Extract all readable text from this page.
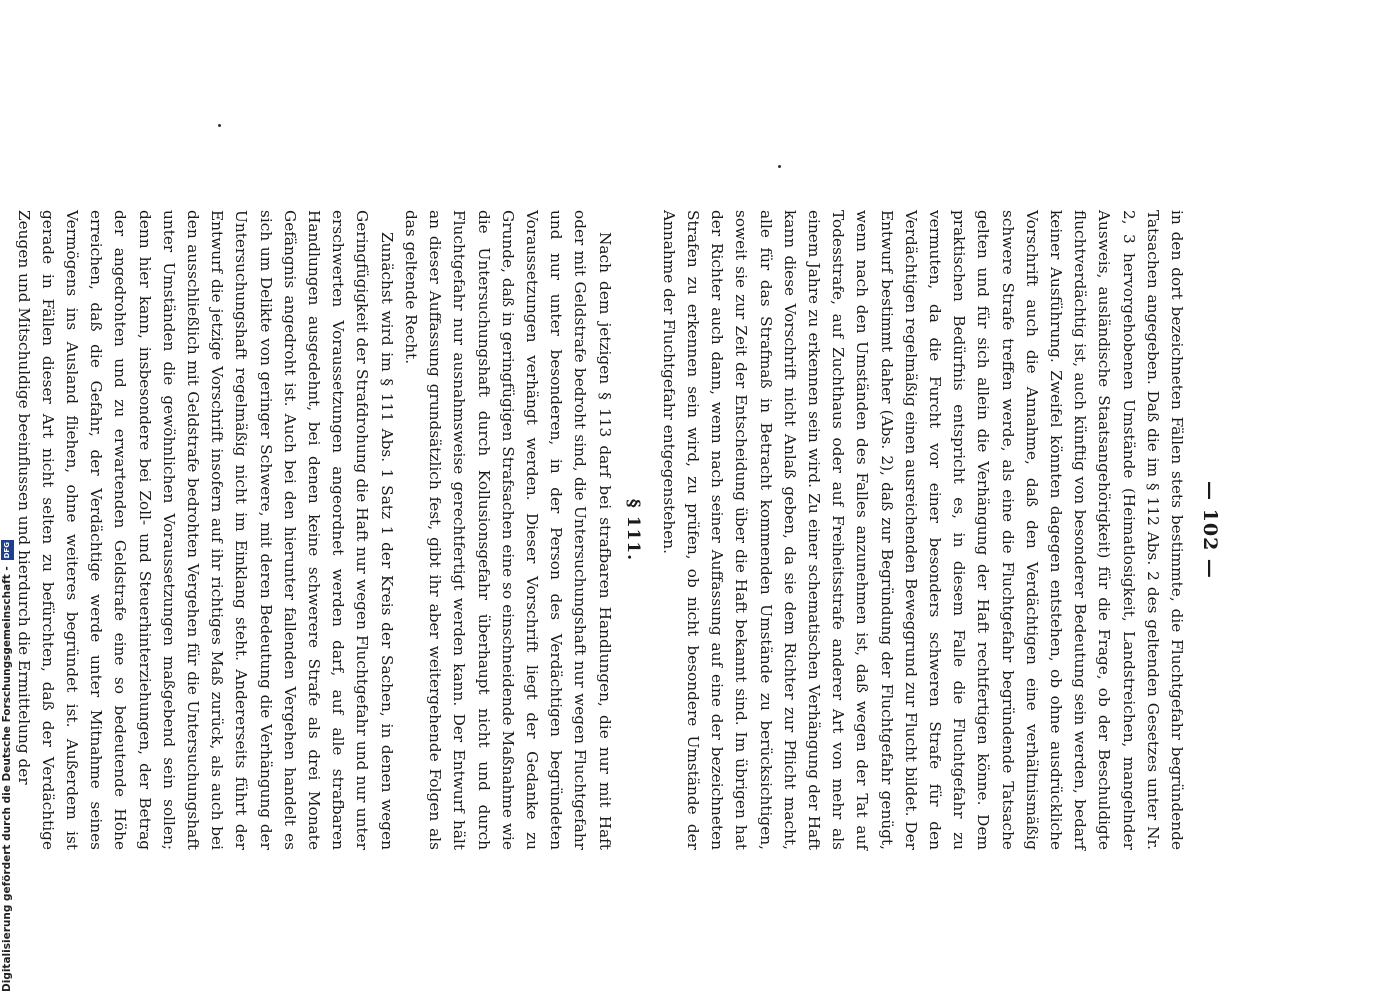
— 102 —

in den dort bezeichneten Fällen stets bestimmte, die Fluchtgefahr begründende Tatsachen angegeben. Daß die im § 112 Abs. 2 des geltenden Gesetzes unter Nr. 2, 3 hervorgehobenen Umstände (Heimatlosigkeit, Landstreichen, mangelnder Ausweis, ausländische Staatsangehörigkeit) für die Frage, ob der Beschuldigte fluchtverdächtig ist, auch künftig von besonderer Bedeutung sein werden, bedarf keiner Ausführung. Zweifel könnten dagegen entstehen, ob ohne ausdrückliche Vorschrift auch die Annahme, daß den Verdächtigen eine verhältnismäßig schwere Strafe treffen werde, als eine die Fluchtgefahr begründende Tatsache gelten und für sich allein die Verhängung der Haft rechtfertigen könne. Dem praktischen Bedürfnis entspricht es, in diesem Falle die Fluchtgefahr zu vermuten, da die Furcht vor einer besonders schweren Strafe für den Verdächtigen regelmäßig einen ausreichenden Beweggrund zur Flucht bildet. Der Entwurf bestimmt daher (Abs. 2), daß zur Begründung der Fluchtgefahr genügt, wenn nach den Umständen des Falles anzunehmen ist, daß wegen der Tat auf Todesstrafe, auf Zuchthaus oder auf Freiheitsstrafe anderer Art von mehr als einem Jahre zu erkennen sein wird. Zu einer schematischen Verhängung der Haft kann diese Vorschrift nicht Anlaß geben, da sie dem Richter zur Pflicht macht, alle für das Strafmaß in Betracht kommenden Umstände zu berücksichtigen, soweit sie zur Zeit der Entscheidung über die Haft bekannt sind. Im übrigen hat der Richter auch dann, wenn nach seiner Auffassung auf eine der bezeichneten Strafen zu erkennen sein wird, zu prüfen, ob nicht besondere Umstände der Annahme der Fluchtgefahr entgegenstehen.

§ 111.

Nach dem jetzigen § 113 darf bei strafbaren Handlungen, die nur mit Haft oder mit Geldstrafe bedroht sind, die Untersuchungshaft nur wegen Fluchtgefahr und nur unter besonderen, in der Person des Verdächtigen begründeten Voraussetzungen verhängt werden. Dieser Vorschrift liegt der Gedanke zu Grunde, daß in geringfügigen Strafsachen eine so einschneidende Maßnahme wie die Untersuchungshaft durch Kollusionsgefahr überhaupt nicht und durch Fluchtgefahr nur ausnahmsweise gerechtfertigt werden kann. Der Entwurf hält an dieser Auffassung grundsätzlich fest, gibt ihr aber weitergehende Folgen als das geltende Recht.

Zunächst wird im § 111 Abs. 1 Satz 1 der Kreis der Sachen, in denen wegen Geringfügigkeit der Strafdrohung die Haft nur wegen Fluchtgefahr und nur unter erschwerten Voraussetzungen angeordnet werden darf, auf alle strafbaren Handlungen ausgedehnt, bei denen keine schwerere Strafe als drei Monate Gefängnis angedroht ist. Auch bei den hierunter fallenden Vergehen handelt es sich um Delikte von geringer Schwere, mit deren Bedeutung die Verhängung der Untersuchungshaft regelmäßig nicht im Einklang steht. Andererseits führt der Entwurf die jetzige Vorschrift insofern auf ihr richtiges Maß zurück, als auch bei den ausschließlich mit Geldstrafe bedrohten Vergehen für die Untersuchungshaft unter Umständen die gewöhnlichen Voraussetzungen maßgebend sein sollen; denn hier kann, insbesondere bei Zoll- und Steuerhinterziehungen, der Betrag der angedrohten und zu erwartenden Geldstrafe eine so bedeutende Höhe erreichen, daß die Gefahr, der Verdächtige werde unter Mitnahme seines Vermögens ins Ausland fliehen, ohne weiteres begründet ist. Außerdem ist gerade in Fällen dieser Art nicht selten zu befürchten, daß der Verdächtige Zeugen und Mitschuldige beeinflussen und hierdurch die Ermittelung der

Digitalisierung gefördert durch die Deutsche Forschungsgemeinschaft -
DFG
